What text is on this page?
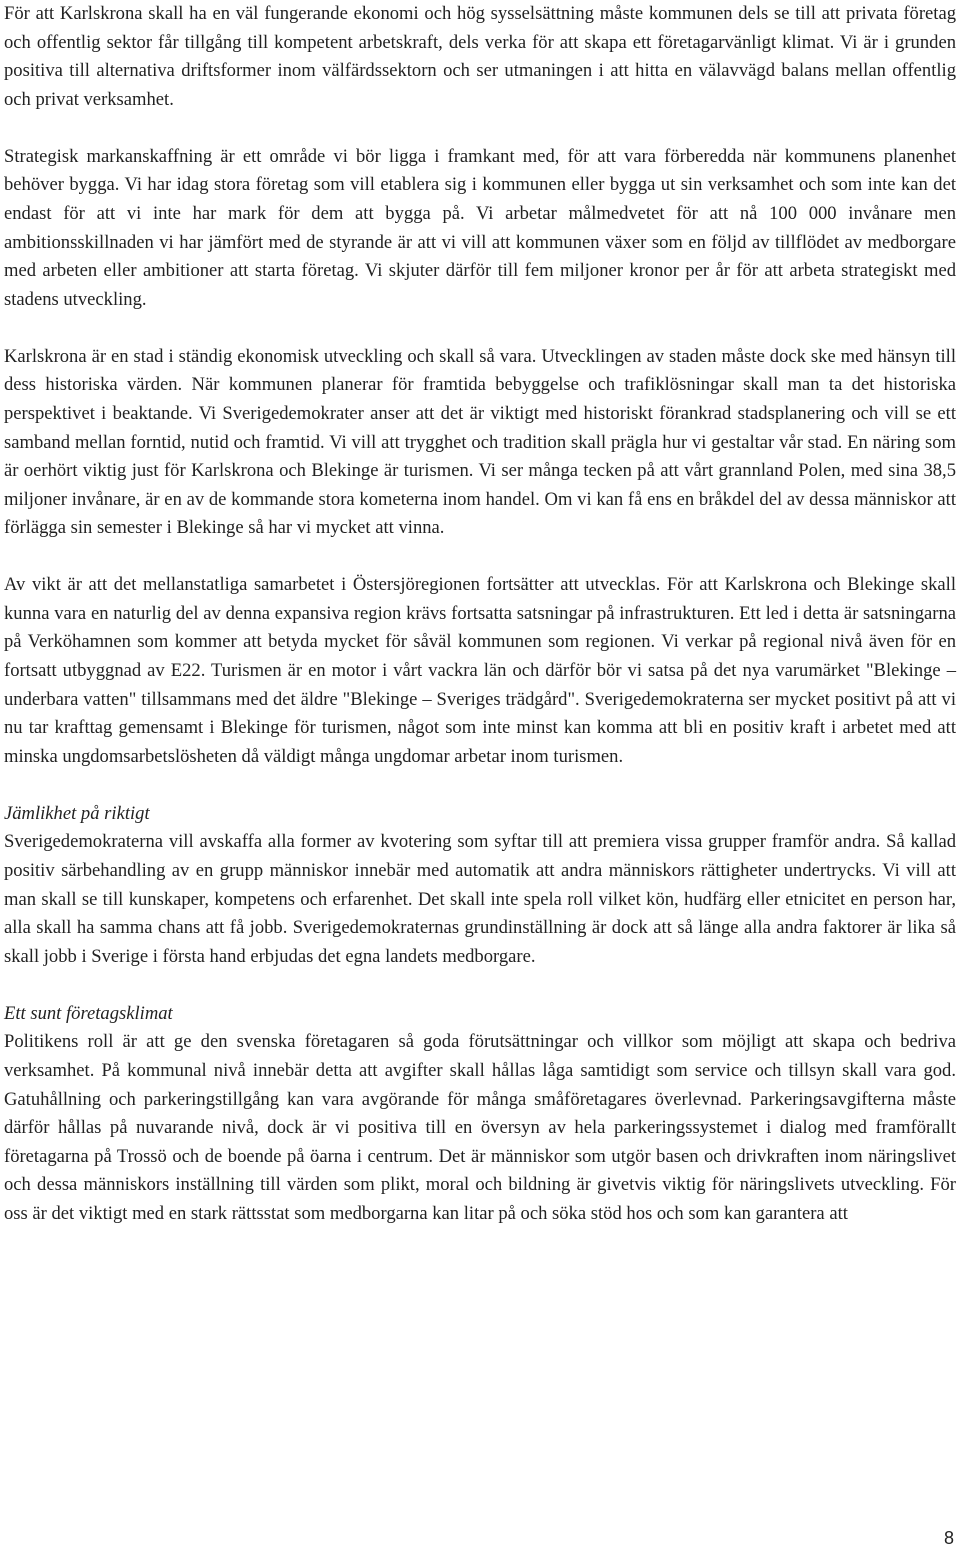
För att Karlskrona skall ha en väl fungerande ekonomi och hög sysselsättning måste kommunen dels se till att privata företag och offentlig sektor får tillgång till kompetent arbetskraft, dels verka för att skapa ett företagarvänligt klimat. Vi är i grunden positiva till alternativa driftsformer inom välfärdssektorn och ser utmaningen i att hitta en välavvägd balans mellan offentlig och privat verksamhet.

Strategisk markanskaffning är ett område vi bör ligga i framkant med, för att vara förberedda när kommunens planenhet behöver bygga. Vi har idag stora företag som vill etablera sig i kommunen eller bygga ut sin verksamhet och som inte kan det endast för att vi inte har mark för dem att bygga på. Vi arbetar målmedvetet för att nå 100 000 invånare men ambitionsskillnaden vi har jämfört med de styrande är att vi vill att kommunen växer som en följd av tillflödet av medborgare med arbeten eller ambitioner att starta företag. Vi skjuter därför till fem miljoner kronor per år för att arbeta strategiskt med stadens utveckling.

Karlskrona är en stad i ständig ekonomisk utveckling och skall så vara. Utvecklingen av staden måste dock ske med hänsyn till dess historiska värden. När kommunen planerar för framtida bebyggelse och trafiklösningar skall man ta det historiska perspektivet i beaktande. Vi Sverigedemokrater anser att det är viktigt med historiskt förankrad stadsplanering och vill se ett samband mellan forntid, nutid och framtid. Vi vill att trygghet och tradition skall prägla hur vi gestaltar vår stad. En näring som är oerhört viktig just för Karlskrona och Blekinge är turismen. Vi ser många tecken på att vårt grannland Polen, med sina 38,5 miljoner invånare, är en av de kommande stora kometerna inom handel. Om vi kan få ens en bråkdel del av dessa människor att förlägga sin semester i Blekinge så har vi mycket att vinna.

Av vikt är att det mellanstatliga samarbetet i Östersjöregionen fortsätter att utvecklas. För att Karlskrona och Blekinge skall kunna vara en naturlig del av denna expansiva region krävs fortsatta satsningar på infrastrukturen. Ett led i detta är satsningarna på Verköhamnen som kommer att betyda mycket för såväl kommunen som regionen. Vi verkar på regional nivå även för en fortsatt utbyggnad av E22. Turismen är en motor i vårt vackra län och därför bör vi satsa på det nya varumärket "Blekinge – underbara vatten" tillsammans med det äldre "Blekinge – Sveriges trädgård". Sverigedemokraterna ser mycket positivt på att vi nu tar krafttag gemensamt i Blekinge för turismen, något som inte minst kan komma att bli en positiv kraft i arbetet med att minska ungdomsarbetslösheten då väldigt många ungdomar arbetar inom turismen.

Jämlikhet på riktigt

Sverigedemokraterna vill avskaffa alla former av kvotering som syftar till att premiera vissa grupper framför andra. Så kallad positiv särbehandling av en grupp människor innebär med automatik att andra människors rättigheter undertrycks. Vi vill att man skall se till kunskaper, kompetens och erfarenhet. Det skall inte spela roll vilket kön, hudfärg eller etnicitet en person har, alla skall ha samma chans att få jobb. Sverigedemokraternas grundinställning är dock att så länge alla andra faktorer är lika så skall jobb i Sverige i första hand erbjudas det egna landets medborgare.

Ett sunt företagsklimat

Politikens roll är att ge den svenska företagaren så goda förutsättningar och villkor som möjligt att skapa och bedriva verksamhet. På kommunal nivå innebär detta att avgifter skall hållas låga samtidigt som service och tillsyn skall vara god. Gatuhållning och parkeringstillgång kan vara avgörande för många småföretagares överlevnad. Parkeringsavgifterna måste därför hållas på nuvarande nivå, dock är vi positiva till en översyn av hela parkeringssystemet i dialog med framförallt företagarna på Trossö och de boende på öarna i centrum. Det är människor som utgör basen och drivkraften inom näringslivet och dessa människors inställning till värden som plikt, moral och bildning är givetvis viktig för näringslivets utveckling. För oss är det viktigt med en stark rättsstat som medborgarna kan litar på och söka stöd hos och som kan garantera att

8
